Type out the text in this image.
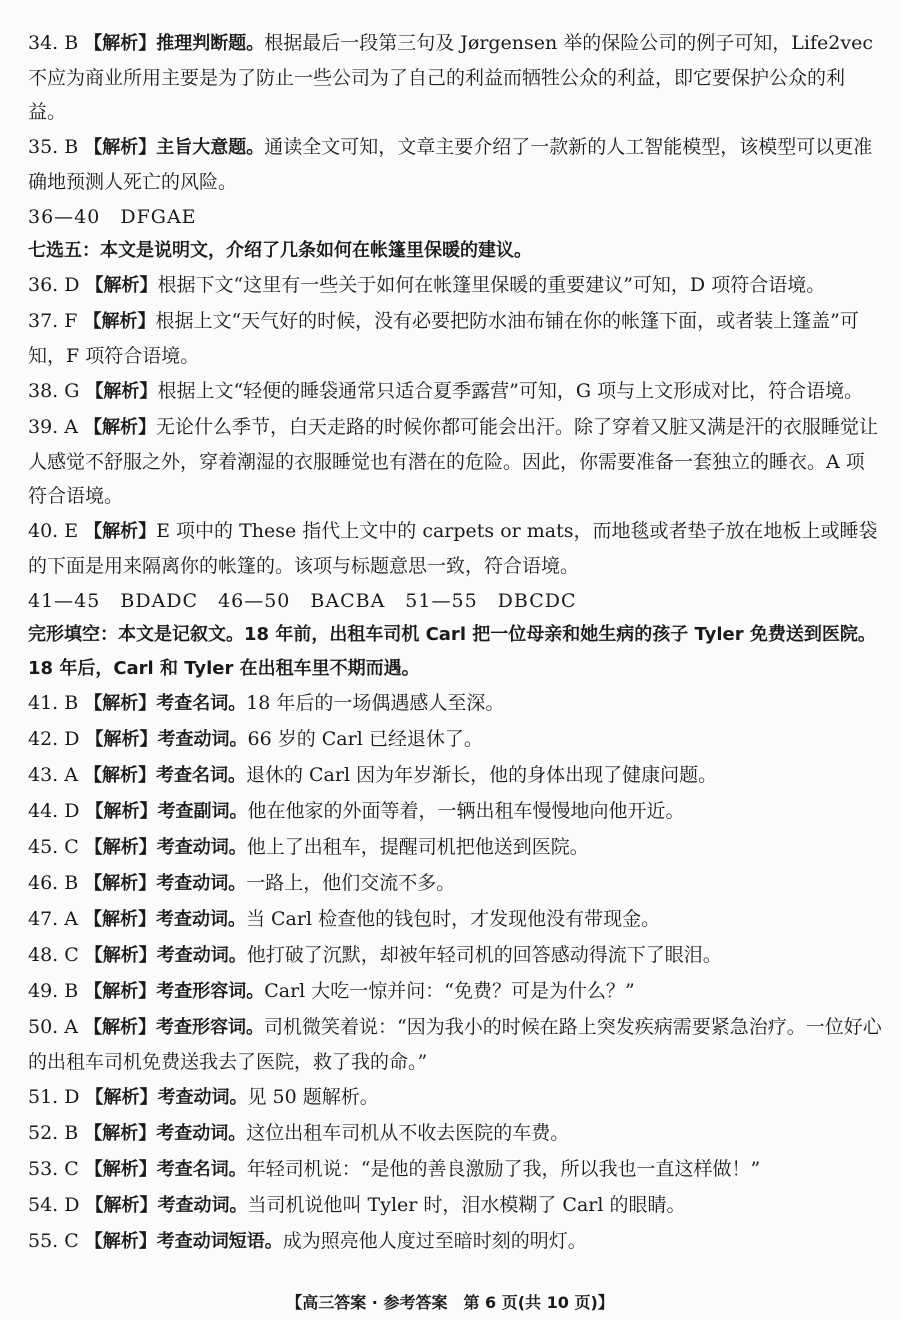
34. B 【解析】推理判断题。根据最后一段第三句及 Jørgensen 举的保险公司的例子可知，Life2vec 不应为商业所用主要是为了防止一些公司为了自己的利益而牺牲公众的利益，即它要保护公众的利益。
35. B 【解析】主旨大意题。通读全文可知，文章主要介绍了一款新的人工智能模型，该模型可以更准确地预测人死亡的风险。
36—40　DFGAE
七选五：本文是说明文，介绍了几条如何在帐篷里保暖的建议。
36. D 【解析】根据下文“这里有一些关于如何在帐篷里保暖的重要建议”可知，D 项符合语境。
37. F 【解析】根据上文“天气好的时候，没有必要把防水油布铺在你的帐篷下面，或者装上篷盖”可知，F 项符合语境。
38. G 【解析】根据上文“轻便的睡袋通常只适合夏季露营”可知，G 项与上文形成对比，符合语境。
39. A 【解析】无论什么季节，白天走路的时候你都可能会出汗。除了穿着又脏又满是汗的衣服睡觉让人感觉不舒服之外，穿着潮湿的衣服睡觉也有潜在的危险。因此，你需要准备一套独立的睡衣。A 项符合语境。
40. E 【解析】E 项中的 These 指代上文中的 carpets or mats，而地毯或者垫子放在地板上或睡袋的下面是用来隔离你的帐篷的。该项与标题意思一致，符合语境。
41—45　BDADC　46—50　BACBA　51—55　DBCDC
完形填空：本文是记叙文。18 年前，出租车司机 Carl 把一位母亲和她生病的孩子 Tyler 免费送到医院。18 年后，Carl 和 Tyler 在出租车里不期而遇。
41. B 【解析】考查名词。18 年后的一场偶遇感人至深。
42. D 【解析】考查动词。66 岁的 Carl 已经退休了。
43. A 【解析】考查名词。退休的 Carl 因为年岁渐长，他的身体出现了健康问题。
44. D 【解析】考查副词。他在他家的外面等着，一辆出租车慢慢地向他开近。
45. C 【解析】考查动词。他上了出租车，提醒司机把他送到医院。
46. B 【解析】考查动词。一路上，他们交流不多。
47. A 【解析】考查动词。当 Carl 检查他的钱包时，才发现他没有带现金。
48. C 【解析】考查动词。他打破了沉默，却被年轻司机的回答感动得流下了眼泪。
49. B 【解析】考查形容词。Carl 大吃一惊并问：“免费？可是为什么？”
50. A 【解析】考查形容词。司机微笑着说：“因为我小的时候在路上突发疾病需要紧急治疗。一位好心的出租车司机免费送我去了医院，救了我的命。”
51. D 【解析】考查动词。见 50 题解析。
52. B 【解析】考查动词。这位出租车司机从不收去医院的车费。
53. C 【解析】考查名词。年轻司机说：“是他的善良激励了我，所以我也一直这样做！”
54. D 【解析】考查动词。当司机说他叫 Tyler 时，泪水模糊了 Carl 的眼睛。
55. C 【解析】考查动词短语。成为照亮他人度过至暗时刻的明灯。
【高三答案 · 参考答案　第 6 页(共 10 页)】
